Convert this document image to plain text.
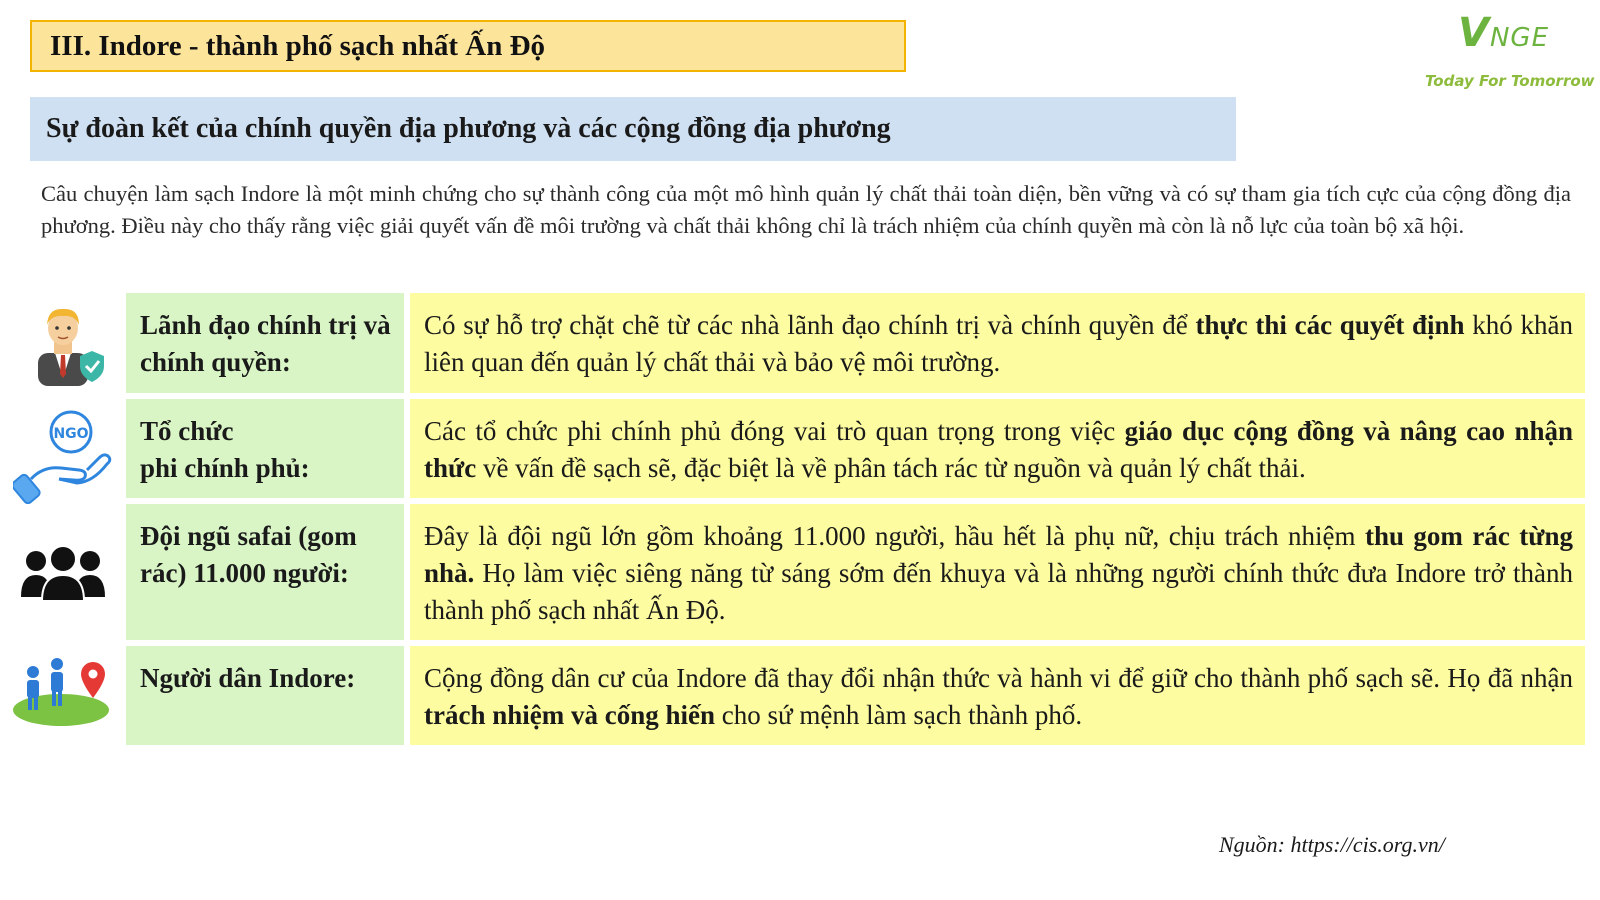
III. Indore - thành phố sạch nhất Ấn Độ
Sự đoàn kết của chính quyền địa phương và các cộng đồng địa phương
VNGE
Today For Tomorrow
Câu chuyện làm sạch Indore là một minh chứng cho sự thành công của một mô hình quản lý chất thải toàn diện, bền vững và có sự tham gia tích cực của cộng đồng địa phương. Điều này cho thấy rằng việc giải quyết vấn đề môi trường và chất thải không chỉ là trách nhiệm của chính quyền mà còn là nỗ lực của toàn bộ xã hội.
Lãnh đạo chính trị và chính quyền:
Có sự hỗ trợ chặt chẽ từ các nhà lãnh đạo chính trị và chính quyền để thực thi các quyết định khó khăn liên quan đến quản lý chất thải và bảo vệ môi trường.
NGO Tổ chức
phi chính phủ:
Các tổ chức phi chính phủ đóng vai trò quan trọng trong việc giáo dục cộng đồng và nâng cao nhận thức về vấn đề sạch sẽ, đặc biệt là về phân tách rác từ nguồn và quản lý chất thải.
Đội ngũ safai (gom rác) 11.000 người:
Đây là đội ngũ lớn gồm khoảng 11.000 người, hầu hết là phụ nữ, chịu trách nhiệm thu gom rác từng nhà. Họ làm việc siêng năng từ sáng sớm đến khuya và là những người chính thức đưa Indore trở thành thành phố sạch nhất Ấn Độ.
Người dân Indore:	Cộng đồng dân cư của Indore đã thay đổi nhận thức và hành vi để giữ cho thành phố sạch sẽ. Họ đã nhận trách nhiệm và cống hiến cho sứ mệnh làm sạch thành phố.
Nguồn: https://cis.org.vn/
